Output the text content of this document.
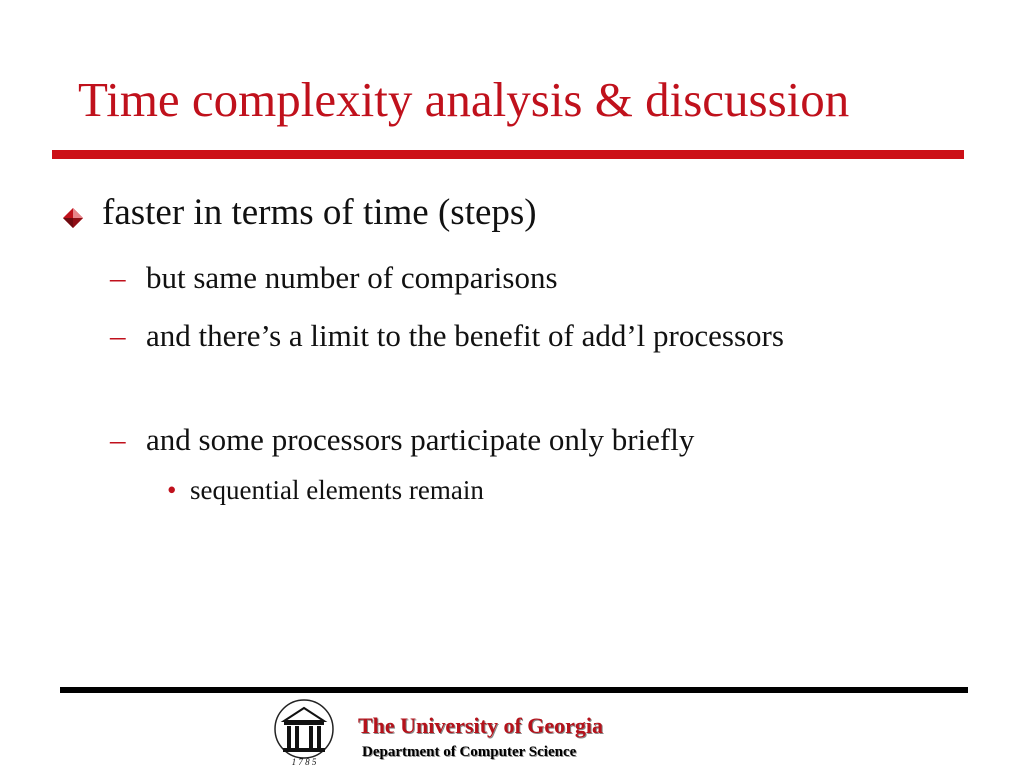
Time complexity analysis & discussion
faster in terms of time (steps)
– but same number of comparisons
– and there’s a limit to the benefit of add’l processors
– and some processors participate only briefly
• sequential elements remain
1 7 8 5
The University of Georgia
Department of Computer Science
